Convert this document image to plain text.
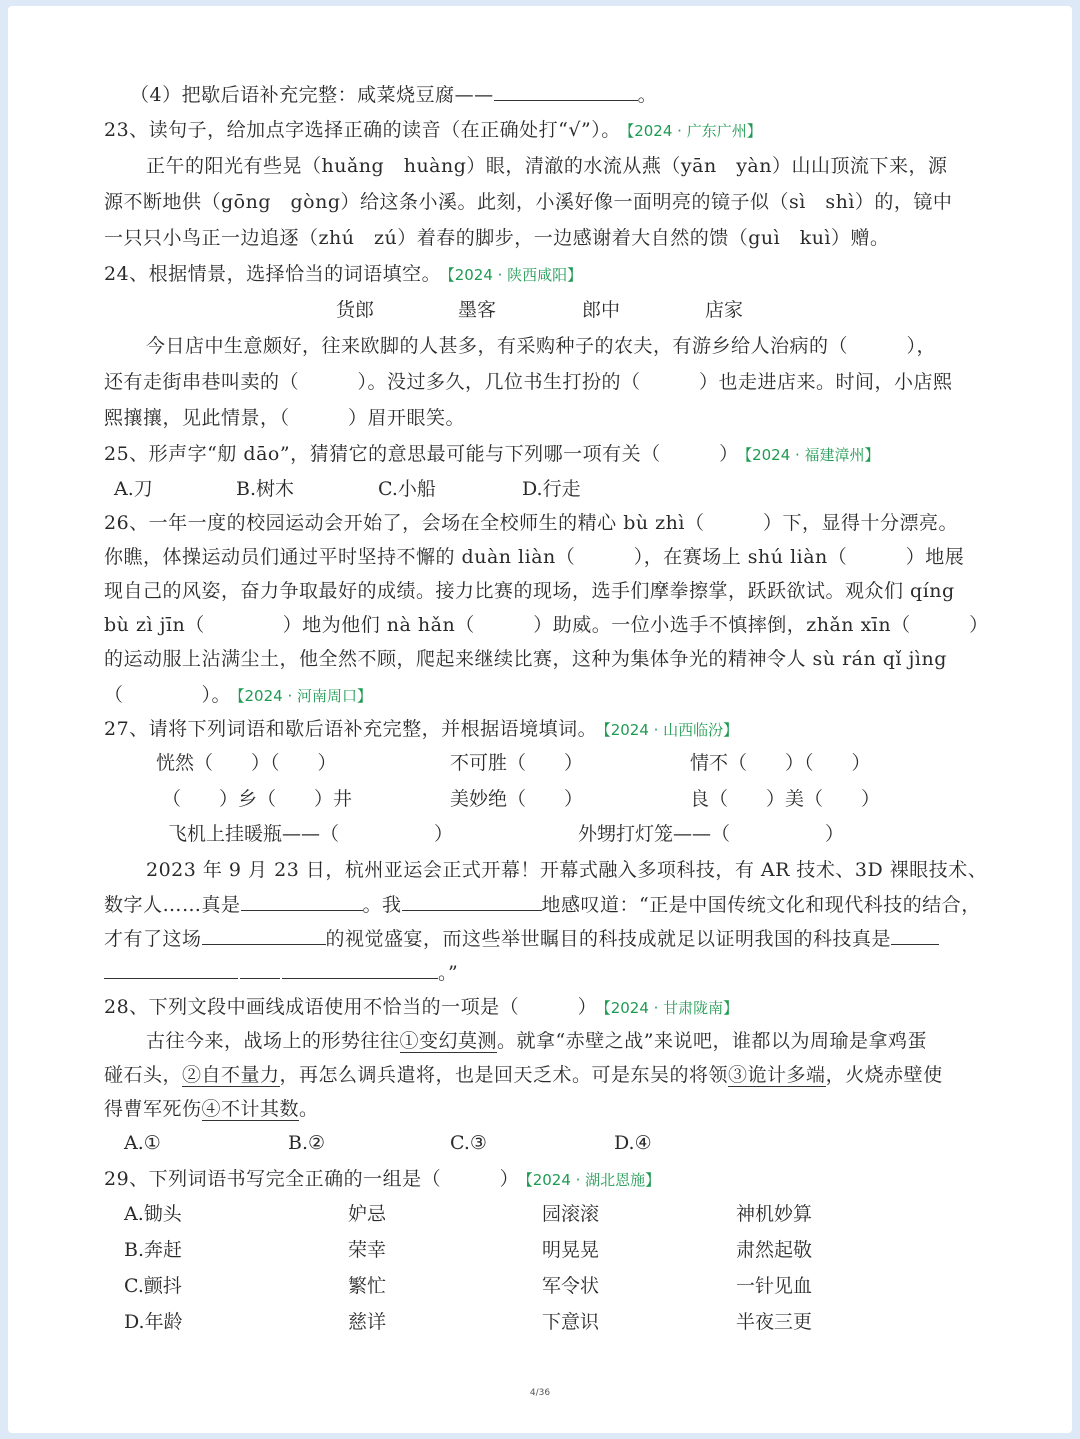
（4）把歇后语补充完整：咸菜烧豆腐——	。
23、读句子，给加点字选择正确的读音（在正确处打“√”）。 【2024 · 广东广州】
正午的阳光有些晃（huǎng　huàng）眼，清澈的水流从燕（yān　yàn）山山顶流下来，源
源不断地供（gōng　gòng）给这条小溪。此刻，小溪好像一面明亮的镜子似（sì　shì）的，镜中
一只只小鸟正一边追逐（zhú　zú）着春的脚步，一边感谢着大自然的馈（guì　kuì）赠。
24、根据情景，选择恰当的词语填空。 【2024 · 陕西咸阳】
货郎	墨客	郎中	店家
今日店中生意颇好，往来欧脚的人甚多，有采购种子的农夫，有游乡给人治病的（　　　），
还有走街串巷叫卖的（　　　）。没过多久，几位书生打扮的（　　　）也走进店来。时间，小店熙
熙攘攘，见此情景，（　　　）眉开眼笑。
25、形声字“舠 dāo”，猜猜它的意思最可能与下列哪一项有关（　　　） 【2024 · 福建漳州】
A.刀	B.树木	C.小船	D.行走
26、一年一度的校园运动会开始了，会场在全校师生的精心 bù zhì（　　　）下，显得十分漂亮。
你瞧，体操运动员们通过平时坚持不懈的 duàn liàn（　　　），在赛场上 shú liàn（　　　）地展
现自己的风姿，奋力争取最好的成绩。接力比赛的现场，选手们摩拳擦掌，跃跃欲试。观众们 qíng
bù zì jīn（　　　　）地为他们 nà hǎn（　　　）助威。一位小选手不慎摔倒，zhǎn xīn（　　　）
的运动服上沾满尘土，他全然不顾，爬起来继续比赛，这种为集体争光的精神令人 sù rán qǐ jìng
（　　　　）。 【2024 · 河南周口】
27、请将下列词语和歇后语补充完整，并根据语境填词。 【2024 · 山西临汾】
恍然（　　）（　　）	不可胜（　　）	情不（　　）（　　）
（　　）乡（　　）井	美妙绝（　　）	良（　　）美（　　）
飞机上挂暖瓶——（　　　　　）	外甥打灯笼——（　　　　　）
2023 年 9 月 23 日，杭州亚运会正式开幕！开幕式融入多项科技，有 AR 技术、3D 裸眼技术、
数字人……真是	。我	地感叹道：“正是中国传统文化和现代科技的结合，
才有了这场	的视觉盛宴，而这些举世瞩目的科技成就足以证明我国的科技真是
。”
28、下列文段中画线成语使用不恰当的一项是（　　　） 【2024 · 甘肃陇南】
古往今来，战场上的形势往往①变幻莫测。就拿“赤壁之战”来说吧，谁都以为周瑜是拿鸡蛋
碰石头，②自不量力，再怎么调兵遣将，也是回天乏术。可是东吴的将领③诡计多端，火烧赤壁使
得曹军死伤④不计其数。
A.①	B.②	C.③	D.④
29、下列词语书写完全正确的一组是（　　　） 【2024 · 湖北恩施】
A.锄头	妒忌	园滚滚	神机妙算
B.奔赶	荣幸	明晃晃	肃然起敬
C.颤抖	繁忙	军令状	一针见血
D.年龄	慈详	下意识	半夜三更
4/36
